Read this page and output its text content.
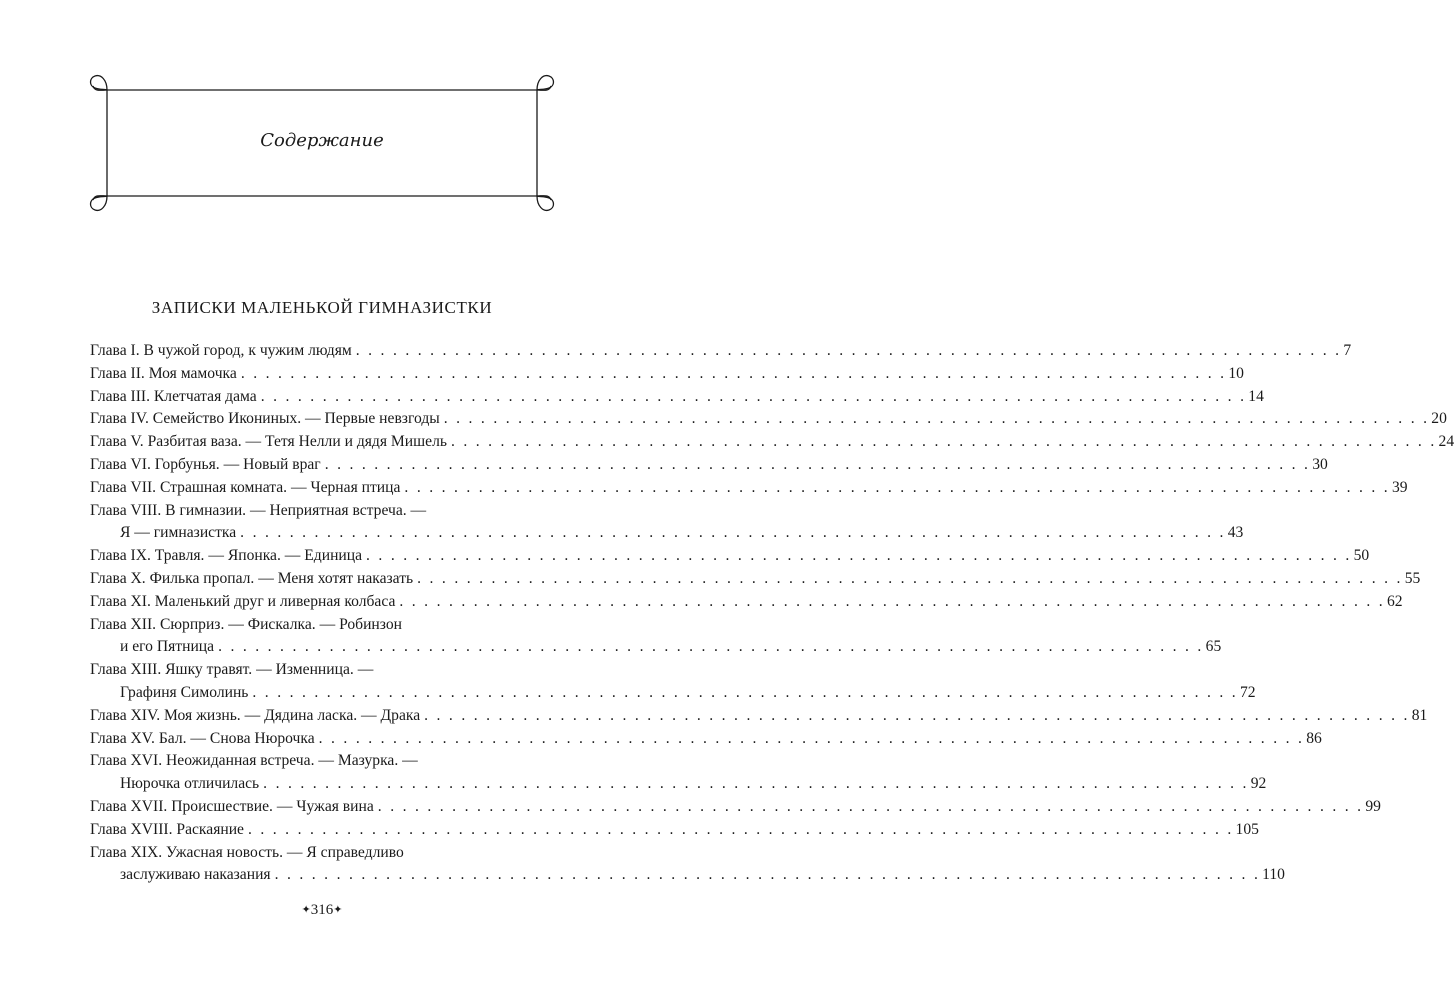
Содержание
ЗАПИСКИ МАЛЕНЬКОЙ ГИМНАЗИСТКИ
Глава I. В чужой город, к чужим людям . . . . . . . . . . . . . . . . . . . . . . . . . . . . . . . . . . . . . . . . . . . . . . . . . . . . . . . . . . . . . . . . . . . . . . . . . . . . . . . . 7
Глава II. Моя мамочка . . . . . . . . . . . . . . . . . . . . . . . . . . . . . . . . . . . . . . . . . . . . . . . . . . . . . . . . . . . . . . . . . . . . . . . . . . . . . . . . 10
Глава III. Клетчатая дама . . . . . . . . . . . . . . . . . . . . . . . . . . . . . . . . . . . . . . . . . . . . . . . . . . . . . . . . . . . . . . . . . . . . . . . . . . . . . . . . 14
Глава IV. Семейство Икониных. — Первые невзгоды . . . . . . . . . . . . . . . . . . . . . . . . . . . . . . . . . . . . . . . . . . . . . . . . . . . . . . . . . . . . . . . . . . . . . . . . . . . . . . . . 20
Глава V. Разбитая ваза. — Тетя Нелли и дядя Мишель . . . . . . . . . . . . . . . . . . . . . . . . . . . . . . . . . . . . . . . . . . . . . . . . . . . . . . . . . . . . . . . . . . . . . . . . . . . . . . . . 24
Глава VI. Горбунья. — Новый враг . . . . . . . . . . . . . . . . . . . . . . . . . . . . . . . . . . . . . . . . . . . . . . . . . . . . . . . . . . . . . . . . . . . . . . . . . . . . . . . . 30
Глава VII. Страшная комната. — Черная птица . . . . . . . . . . . . . . . . . . . . . . . . . . . . . . . . . . . . . . . . . . . . . . . . . . . . . . . . . . . . . . . . . . . . . . . . . . . . . . . . 39
Глава VIII. В гимназии. — Неприятная встреча. —
Я — гимназистка . . . . . . . . . . . . . . . . . . . . . . . . . . . . . . . . . . . . . . . . . . . . . . . . . . . . . . . . . . . . . . . . . . . . . . . . . . . . . . . . 43
Глава IX. Травля. — Японка. — Единица . . . . . . . . . . . . . . . . . . . . . . . . . . . . . . . . . . . . . . . . . . . . . . . . . . . . . . . . . . . . . . . . . . . . . . . . . . . . . . . . 50
Глава X. Филька пропал. — Меня хотят наказать . . . . . . . . . . . . . . . . . . . . . . . . . . . . . . . . . . . . . . . . . . . . . . . . . . . . . . . . . . . . . . . . . . . . . . . . . . . . . . . . 55
Глава XI. Маленький друг и ливерная колбаса . . . . . . . . . . . . . . . . . . . . . . . . . . . . . . . . . . . . . . . . . . . . . . . . . . . . . . . . . . . . . . . . . . . . . . . . . . . . . . . . 62
Глава XII. Сюрприз. — Фискалка. — Робинзон
и его Пятница . . . . . . . . . . . . . . . . . . . . . . . . . . . . . . . . . . . . . . . . . . . . . . . . . . . . . . . . . . . . . . . . . . . . . . . . . . . . . . . . 65
Глава XIII. Яшку травят. — Изменница. —
Графиня Симолинь . . . . . . . . . . . . . . . . . . . . . . . . . . . . . . . . . . . . . . . . . . . . . . . . . . . . . . . . . . . . . . . . . . . . . . . . . . . . . . . . 72
Глава XIV. Моя жизнь. — Дядина ласка. — Драка . . . . . . . . . . . . . . . . . . . . . . . . . . . . . . . . . . . . . . . . . . . . . . . . . . . . . . . . . . . . . . . . . . . . . . . . . . . . . . . . 81
Глава XV. Бал. — Снова Нюрочка . . . . . . . . . . . . . . . . . . . . . . . . . . . . . . . . . . . . . . . . . . . . . . . . . . . . . . . . . . . . . . . . . . . . . . . . . . . . . . . . 86
Глава XVI. Неожиданная встреча. — Мазурка. —
Нюрочка отличилась . . . . . . . . . . . . . . . . . . . . . . . . . . . . . . . . . . . . . . . . . . . . . . . . . . . . . . . . . . . . . . . . . . . . . . . . . . . . . . . . 92
Глава XVII. Происшествие. — Чужая вина . . . . . . . . . . . . . . . . . . . . . . . . . . . . . . . . . . . . . . . . . . . . . . . . . . . . . . . . . . . . . . . . . . . . . . . . . . . . . . . . 99
Глава XVIII. Раскаяние . . . . . . . . . . . . . . . . . . . . . . . . . . . . . . . . . . . . . . . . . . . . . . . . . . . . . . . . . . . . . . . . . . . . . . . . . . . . . . . . 105
Глава XIX. Ужасная новость. — Я справедливо
заслуживаю наказания . . . . . . . . . . . . . . . . . . . . . . . . . . . . . . . . . . . . . . . . . . . . . . . . . . . . . . . . . . . . . . . . . . . . . . . . . . . . . . . . 110
✦316✦
